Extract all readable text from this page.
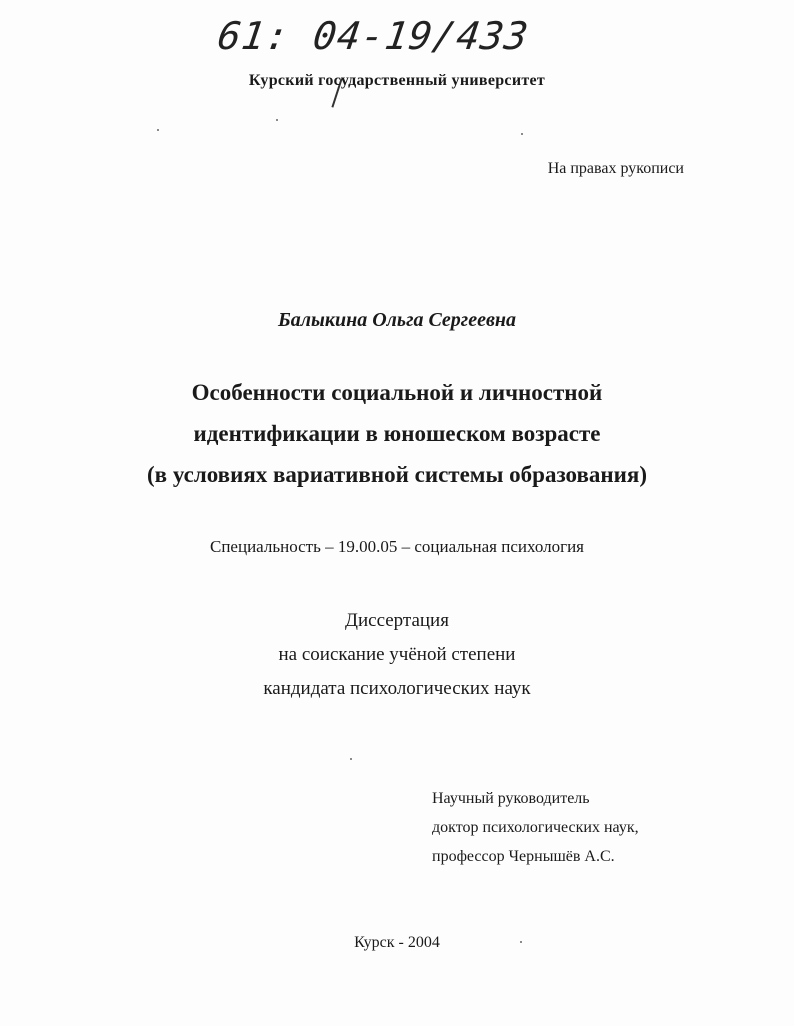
61: 04-19/433
Курский государственный университет
На правах рукописи
Балыкина Ольга Сергеевна
Особенности социальной и личностной
идентификации в юношеском возрасте
(в условиях вариативной системы образования)
Специальность – 19.00.05 – социальная психология
Диссертация
на соискание учёной степени
кандидата психологических наук
Научный руководитель
доктор психологических наук,
профессор Чернышёв А.С.
Курск - 2004
